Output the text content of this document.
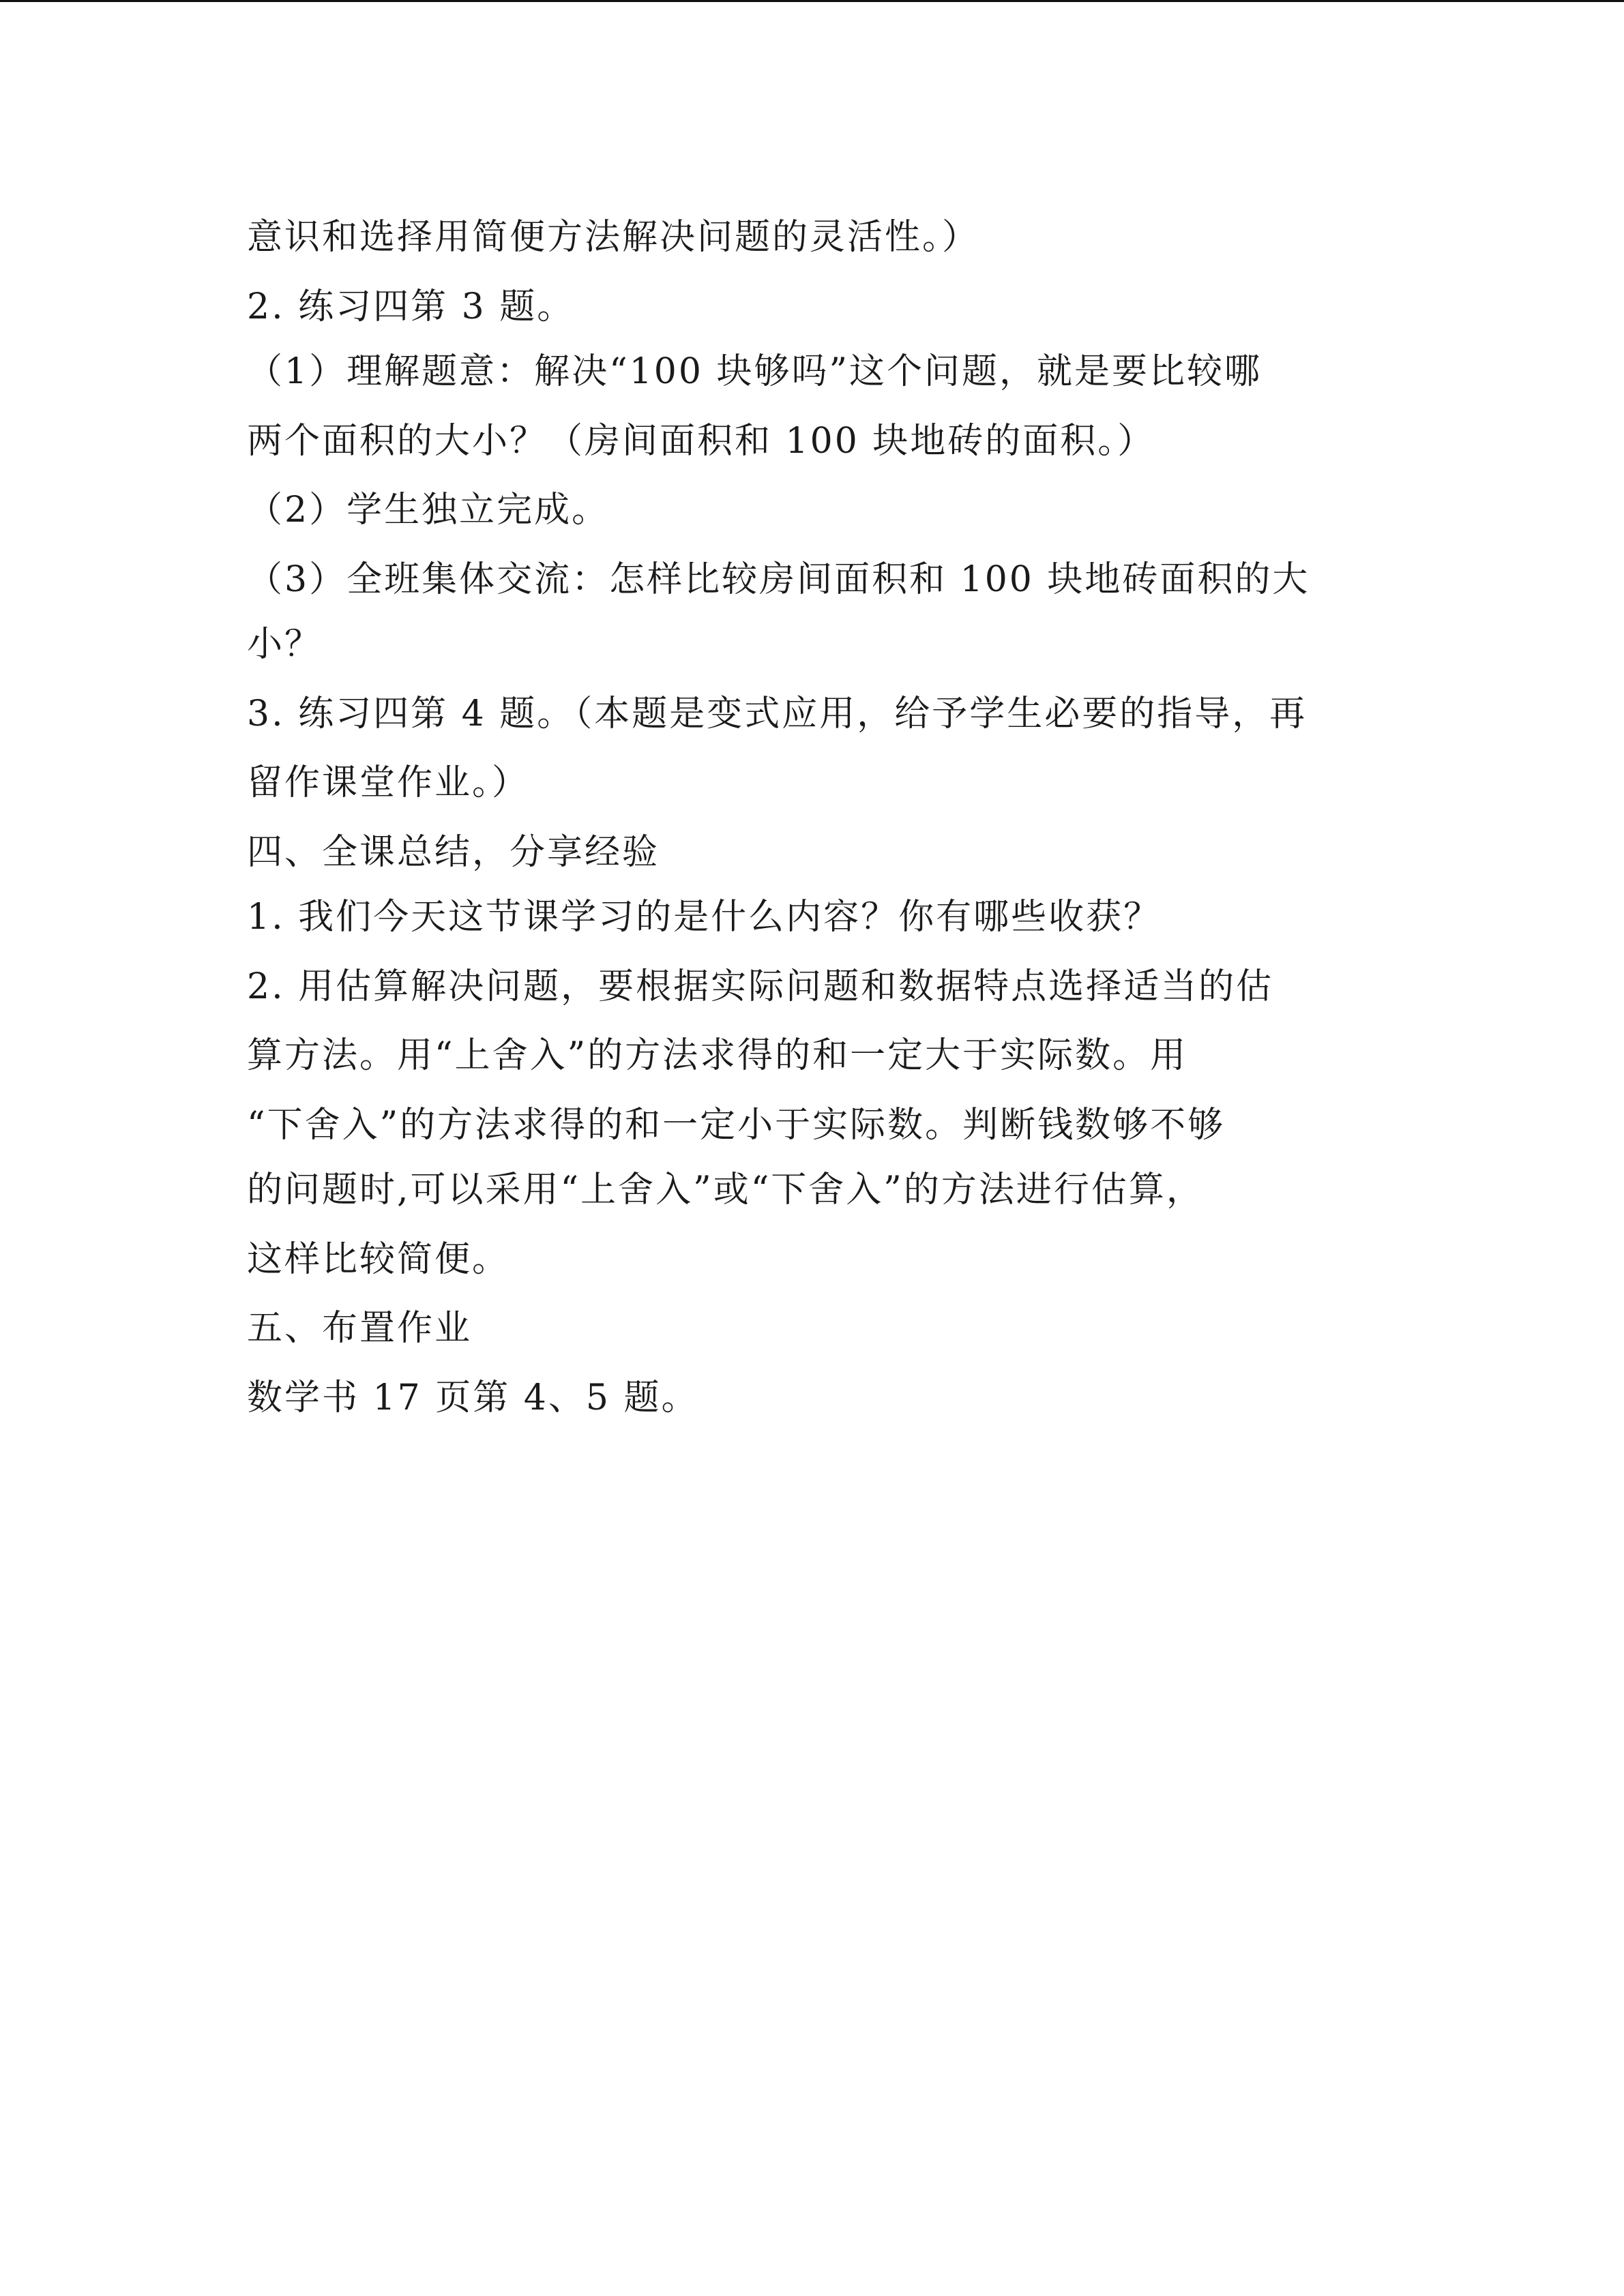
意识和选择用简便方法解决问题的灵活性。）
2. 练习四第 3 题。
（1）理解题意：解决“100 块够吗”这个问题，就是要比较哪
两个面积的大小？（房间面积和 100 块地砖的面积。）
（2）学生独立完成。
（3）全班集体交流：怎样比较房间面积和 100 块地砖面积的大
小？
3. 练习四第 4 题。（本题是变式应用，给予学生必要的指导，再
留作课堂作业。）
四、全课总结，分享经验
1. 我们今天这节课学习的是什么内容？你有哪些收获？
2. 用估算解决问题，要根据实际问题和数据特点选择适当的估
算方法。用“上舍入”的方法求得的和一定大于实际数。用
“下舍入”的方法求得的和一定小于实际数。判断钱数够不够
的问题时,可以采用“上舍入”或“下舍入”的方法进行估算，
这样比较简便。
五、布置作业
数学书 17 页第 4、5 题。
